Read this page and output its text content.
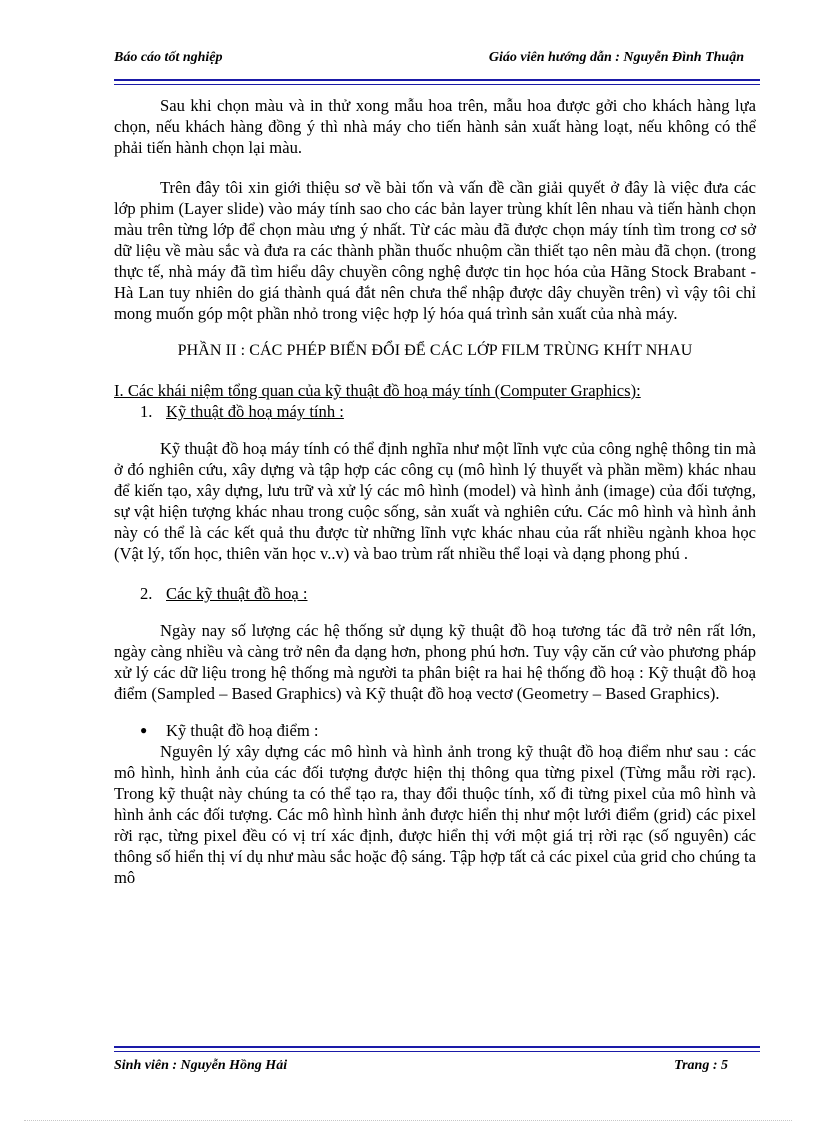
Báo cáo tốt nghiệp	Giáo viên hướng dẫn : Nguyễn Đình Thuận

Sau khi chọn màu và in thử xong mẫu hoa trên, mẫu hoa được gởi cho khách hàng lựa chọn, nếu khách hàng đồng ý thì nhà máy cho tiến hành sản xuất hàng loạt, nếu không có thể phải tiến hành chọn lại màu.

Trên đây tôi xin giới thiệu sơ về bài tốn và vấn đề cần giải quyết ở đây là việc đưa các lớp phim (Layer slide) vào máy tính sao cho các bản layer trùng khít lên nhau và tiến hành chọn màu trên từng lớp để chọn màu ưng ý nhất. Từ các màu đã được chọn máy tính tìm trong cơ sở dữ liệu về màu sắc và đưa ra các thành phần thuốc nhuộm cần thiết tạo nên màu đã chọn. (trong thực tế, nhà máy đã tìm hiểu dây chuyền công nghệ được tin học hóa của Hãng Stock Brabant - Hà Lan tuy nhiên do giá thành quá đắt nên chưa thể nhập được dây chuyền trên) vì vậy tôi chỉ mong muốn góp một phần nhỏ trong việc hợp lý hóa quá trình sản xuất của nhà máy.

PHẦN II : CÁC PHÉP BIẾN ĐỔI ĐỂ CÁC LỚP FILM TRÙNG KHÍT NHAU

I. Các khái niệm tổng quan của kỹ thuật đồ hoạ máy tính (Computer Graphics):

1. Kỹ thuật đồ hoạ máy tính :

Kỹ thuật đồ hoạ máy tính có thể định nghĩa như một lĩnh vực của công nghệ thông tin mà ở đó nghiên cứu, xây dựng và tập hợp các công cụ (mô hình lý thuyết và phần mềm) khác nhau để kiến tạo, xây dựng, lưu trữ và xử lý các mô hình (model) và hình ảnh (image) của đối tượng, sự vật hiện tượng khác nhau trong cuộc sống, sản xuất và nghiên cứu. Các mô hình và hình ảnh này có thể là các kết quả thu được từ những lĩnh vực khác nhau của rất nhiều ngành khoa học (Vật lý, tốn học, thiên văn học v..v) và bao trùm rất nhiều thể loại và dạng phong phú .

2. Các kỹ thuật đồ hoạ :

Ngày nay số lượng các hệ thống sử dụng kỹ thuật đồ hoạ tương tác đã trở nên rất lớn, ngày càng nhiều và càng trở nên đa dạng hơn, phong phú hơn. Tuy vậy căn cứ vào phương pháp xử lý các dữ liệu trong hệ thống mà người ta phân biệt ra hai hệ thống đồ hoạ : Kỹ thuật đồ hoạ điểm (Sampled – Based Graphics) và Kỹ thuật đồ hoạ vectơ (Geometry – Based Graphics).

● Kỹ thuật đồ hoạ điểm :

Nguyên lý xây dựng các mô hình và hình ảnh trong kỹ thuật đồ hoạ điểm như sau : các mô hình, hình ảnh của các đối tượng được hiện thị thông qua từng pixel (Từng mẫu rời rạc). Trong kỹ thuật này chúng ta có thể tạo ra, thay đổi thuộc tính, xố đi từng pixel của mô hình và hình ảnh các đối tượng. Các mô hình hình ảnh được hiển thị như một lưới điểm (grid) các pixel rời rạc, từng pixel đều có vị trí xác định, được hiển thị với một giá trị rời rạc (số nguyên) các thông số hiển thị ví dụ như màu sắc hoặc độ sáng. Tập hợp tất cả các pixel của grid cho chúng ta mô

Sinh viên : Nguyễn Hồng Hải	Trang : 5
